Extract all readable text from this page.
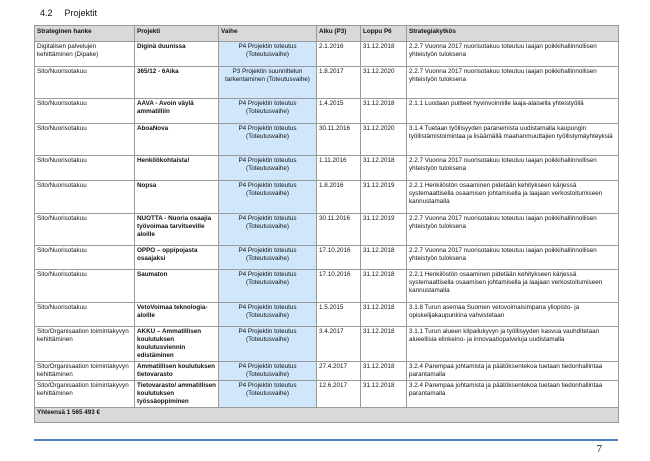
4.2 Projektit
Strateginen hanke	Projekti	Vaihe	Alku (P3)	Loppu P6	Strategiakytkös
Digitalisen palvelujen kehittäminen (Dipake)	Diginä duunissa	P4 Projektin toteutus (Toteutusvaihe)	2.1.2016	31.12.2018	2.2.7 Vuonna 2017 nuorisotakuu toteutuu laajan poikkihallinnollisen yhteistyön tuloksena
Sito/Nuorisotakuu	365/12 - 6Aika	P3 Projektin suunnittelun tarkentaminen (Toteutusvaihe)	1.8.2017	31.12.2020	2.2.7 Vuonna 2017 nuorisotakuu toteutuu laajan poikkihallinnollisen yhteistyön tuloksena
Sito/Nuorisotakuu	AAVA - Avoin väylä ammatilliin	P4 Projektin toteutus (Toteutusvaihe)	1.4.2015	31.12.2018	2.1.1 Luodaan puitteet hyvinvoinnille laaja-alaisella yhteistyöllä
Sito/Nuorisotakuu	AboaNova	P4 Projektin toteutus (Toteutusvaihe)	30.11.2016	31.12.2020	3.1.4 Tuetaan työllisyyden paranemista uudistamalla kaupungin työllistämistoimintaa ja lisäämällä maahanmuuttajien työllistymäyhteyksiä
Sito/Nuorisotakuu	Henkilökohtaista!	P4 Projektin toteutus (Toteutusvaihe)	1.11.2016	31.12.2018	2.2.7 Vuonna 2017 nuorisotakuu toteutuu laajan poikkihallinnollisen yhteistyön tuloksena
Sito/Nuorisotakuu	Nopsa	P4 Projektin toteutus (Toteutusvaihe)	1.8.2016	31.12.2019	2.2.1 Henkilöstön osaaminen pidetään kehitykseen kärjessä systemaattisella osaamisen johtamisella ja laajaan verkostoitumiseen kannustamalla
Sito/Nuorisotakuu	NUOTTA - Nuoria osaajia työvoimaa tarvitseville aloille	P4 Projektin toteutus (Toteutusvaihe)	30.11.2016	31.12.2019	2.2.7 Vuonna 2017 nuorisotakuu toteutuu laajan poikkihallinnollisen yhteistyön tuloksena
Sito/Nuorisotakuu	OPPO – oppipojasta osaajaksi	P4 Projektin toteutus (Toteutusvaihe)	17.10.2016	31.12.2018	2.2.7 Vuonna 2017 nuorisotakuu toteutuu laajan poikkihallinnollisen yhteistyön tuloksena
Sito/Nuorisotakuu	Saumaton	P4 Projektin toteutus (Toteutusvaihe)	17.10.2016	31.12.2018	2.2.1 Henkilöstön osaaminen pidetään kehitykseen kärjessä systemaattisella osaamisen johtamisella ja laajaan verkostoitumiseen kannustamalla
Sito/Nuorisotakuu	VetoVoimaa teknologia-aloille	P4 Projektin toteutus (Toteutusvaihe)	1.5.2015	31.12.2018	3.1.8 Turun asemaa Suomen vetovoimaisimpana yliopisto- ja opiskelijakaupunkina vahvistetaan
Sito/Organisaation toimintakyvyn kehittäminen	AKKU – Ammatillisen koulutuksen koulutusviennin edistäminen	P4 Projektin toteutus (Toteutusvaihe)	3.4.2017	31.12.2018	3.1.1 Turun alueen kilpailukyvyn ja työllisyyden kasvua vauhditetaan alueellisia elinkeino- ja innovaatiopalveluja uudistamalla
Sito/Organisaation toimintakyvyn kehittäminen	Ammatillisen koulutuksen tietovarasto	P4 Projektin toteutus (Toteutusvaihe)	27.4.2017	31.12.2018	3.2.4 Parempaa johtamista ja päätöksentekoa tuetaan tiedonhallintaa parantamalla
Sito/Organisaation toimintakyvyn kehittäminen	Tietovarasto/ ammatillisen koulutuksen työssäoppiminen	P4 Projektin toteutus (Toteutusvaihe)	12.6.2017	31.12.2018	3.2.4 Parempaa johtamista ja päätöksentekoa tuetaan tiedonhallintaa parantamalla
Yhteensä 1 565 493 €					
7
